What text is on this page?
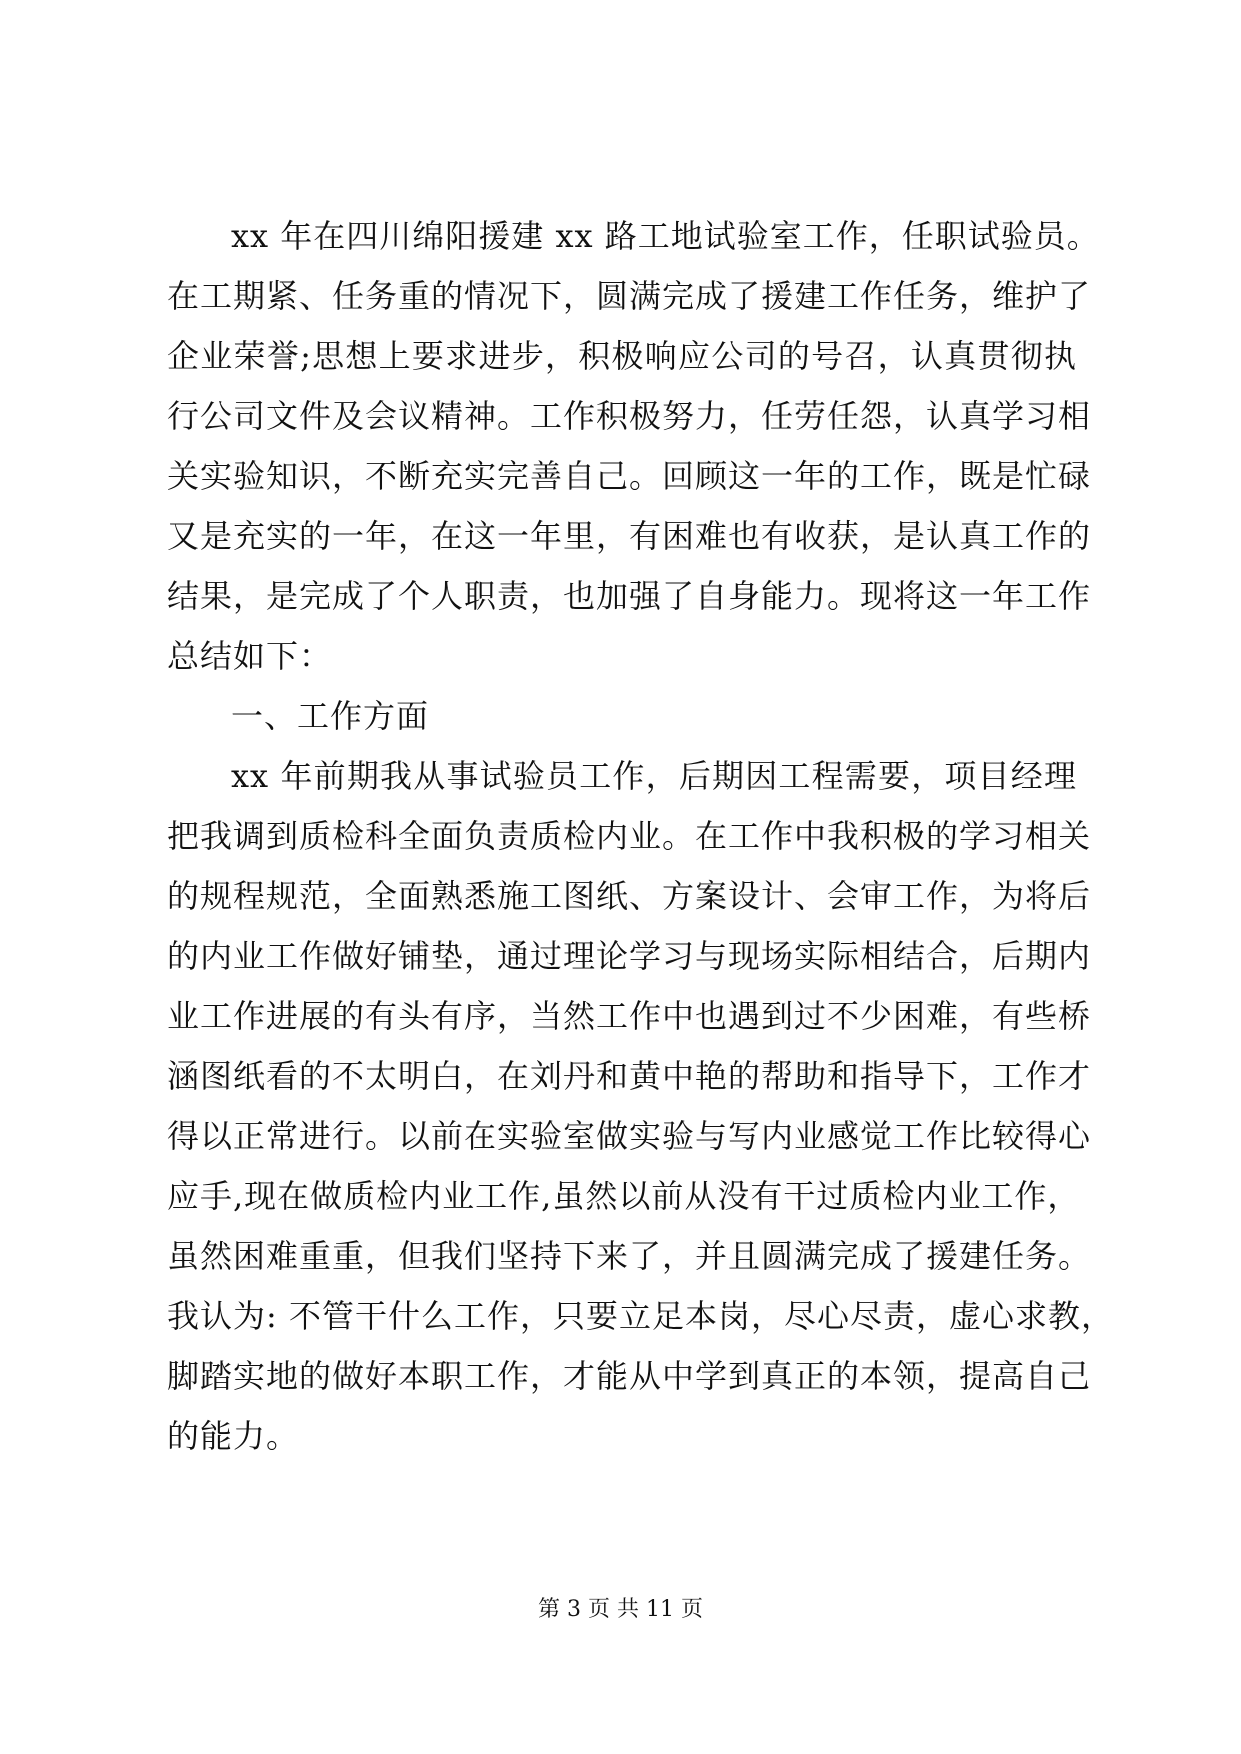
xx 年在四川绵阳援建 xx 路工地试验室工作，任职试验员。
在工期紧、任务重的情况下，圆满完成了援建工作任务，维护了
企业荣誉;思想上要求进步，积极响应公司的号召，认真贯彻执
行公司文件及会议精神。工作积极努力，任劳任怨，认真学习相
关实验知识，不断充实完善自己。回顾这一年的工作，既是忙碌
又是充实的一年，在这一年里，有困难也有收获，是认真工作的
结果，是完成了个人职责，也加强了自身能力。现将这一年工作
总结如下：
一、工作方面
xx 年前期我从事试验员工作，后期因工程需要，项目经理
把我调到质检科全面负责质检内业。在工作中我积极的学习相关
的规程规范，全面熟悉施工图纸、方案设计、会审工作，为将后
的内业工作做好铺垫，通过理论学习与现场实际相结合，后期内
业工作进展的有头有序，当然工作中也遇到过不少困难，有些桥
涵图纸看的不太明白，在刘丹和黄中艳的帮助和指导下，工作才
得以正常进行。以前在实验室做实验与写内业感觉工作比较得心
应手,现在做质检内业工作,虽然以前从没有干过质检内业工作，
虽然困难重重，但我们坚持下来了，并且圆满完成了援建任务。
我认为: 不管干什么工作，只要立足本岗，尽心尽责，虚心求教，
脚踏实地的做好本职工作，才能从中学到真正的本领，提高自己
的能力。
第 3 页 共 11 页
